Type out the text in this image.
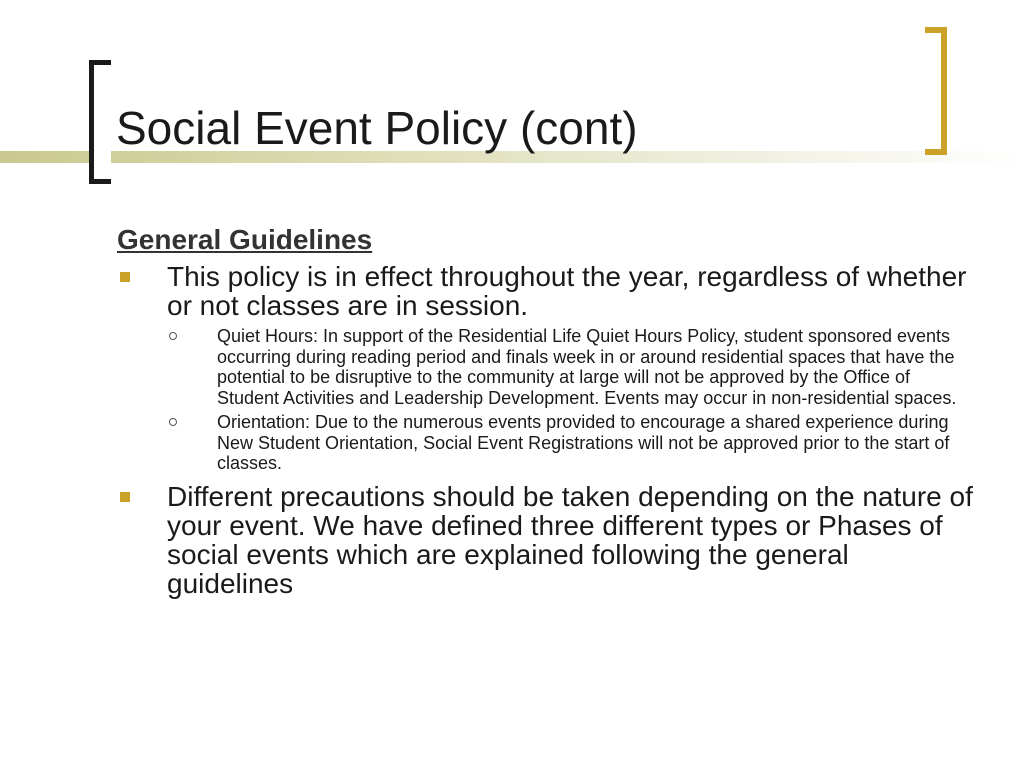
Social Event Policy (cont)
General Guidelines
This policy is in effect throughout the year, regardless of whether or not classes are in session.
Quiet Hours: In support of the Residential Life Quiet Hours Policy, student sponsored events occurring during reading period and finals week in or around residential spaces that have the potential to be disruptive to the community at large will not be approved by the Office of Student Activities and Leadership Development. Events may occur in non-residential spaces.
Orientation: Due to the numerous events provided to encourage a shared experience during New Student Orientation, Social Event Registrations will not be approved prior to the start of classes.
Different precautions should be taken depending on the nature of your event. We have defined three different types or Phases of social events which are explained following the general guidelines
